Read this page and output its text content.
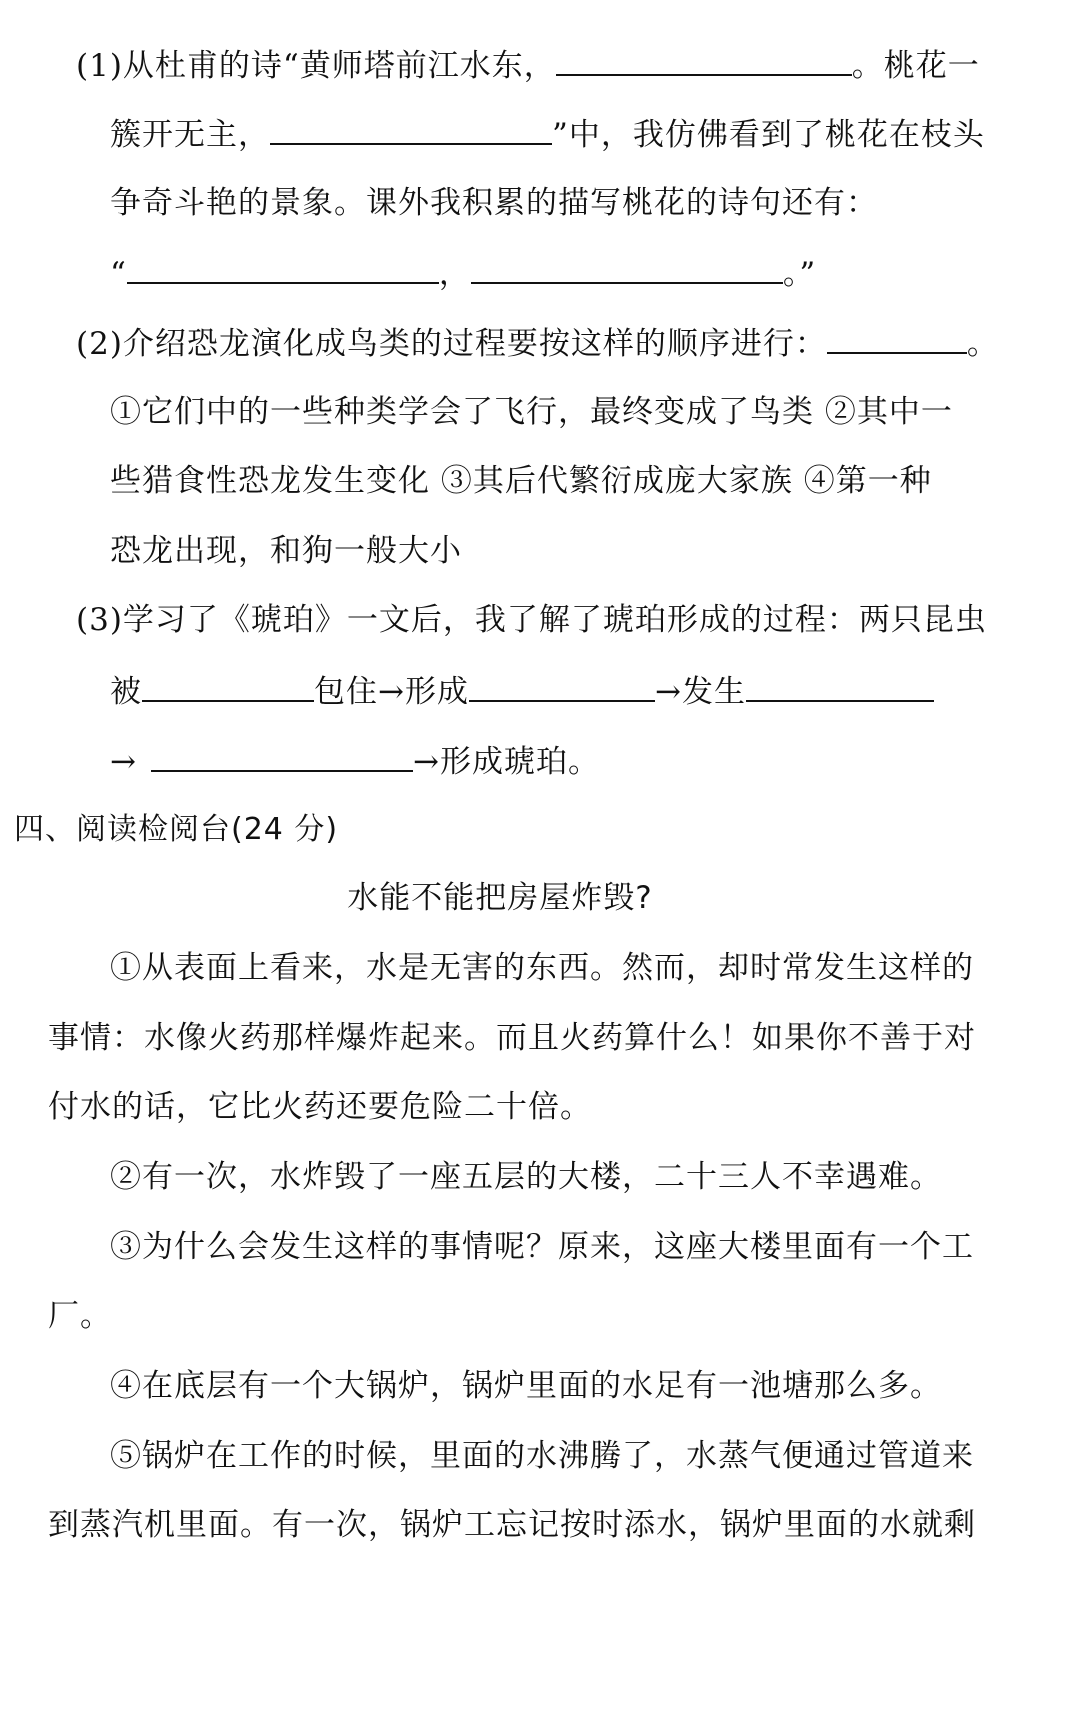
(1)从杜甫的诗“黄师塔前江水东，	。桃花一
簇开无主，	”中，我仿佛看到了桃花在枝头
争奇斗艳的景象。课外我积累的描写桃花的诗句还有：
“	，	。”
(2)介绍恐龙演化成鸟类的过程要按这样的顺序进行：	。
①它们中的一些种类学会了飞行，最终变成了鸟类 ②其中一
些猎食性恐龙发生变化 ③其后代繁衍成庞大家族 ④第一种
恐龙出现，和狗一般大小
(3)学习了《琥珀》一文后，我了解了琥珀形成的过程：两只昆虫
被	包住→形成	→发生
→	→形成琥珀。
四、阅读检阅台(24 分)
水能不能把房屋炸毁?
①从表面上看来，水是无害的东西。然而，却时常发生这样的
事情：水像火药那样爆炸起来。而且火药算什么！如果你不善于对
付水的话，它比火药还要危险二十倍。
②有一次，水炸毁了一座五层的大楼，二十三人不幸遇难。
③为什么会发生这样的事情呢？原来，这座大楼里面有一个工
厂。
④在底层有一个大锅炉，锅炉里面的水足有一池塘那么多。
⑤锅炉在工作的时候，里面的水沸腾了，水蒸气便通过管道来
到蒸汽机里面。有一次，锅炉工忘记按时添水，锅炉里面的水就剩
